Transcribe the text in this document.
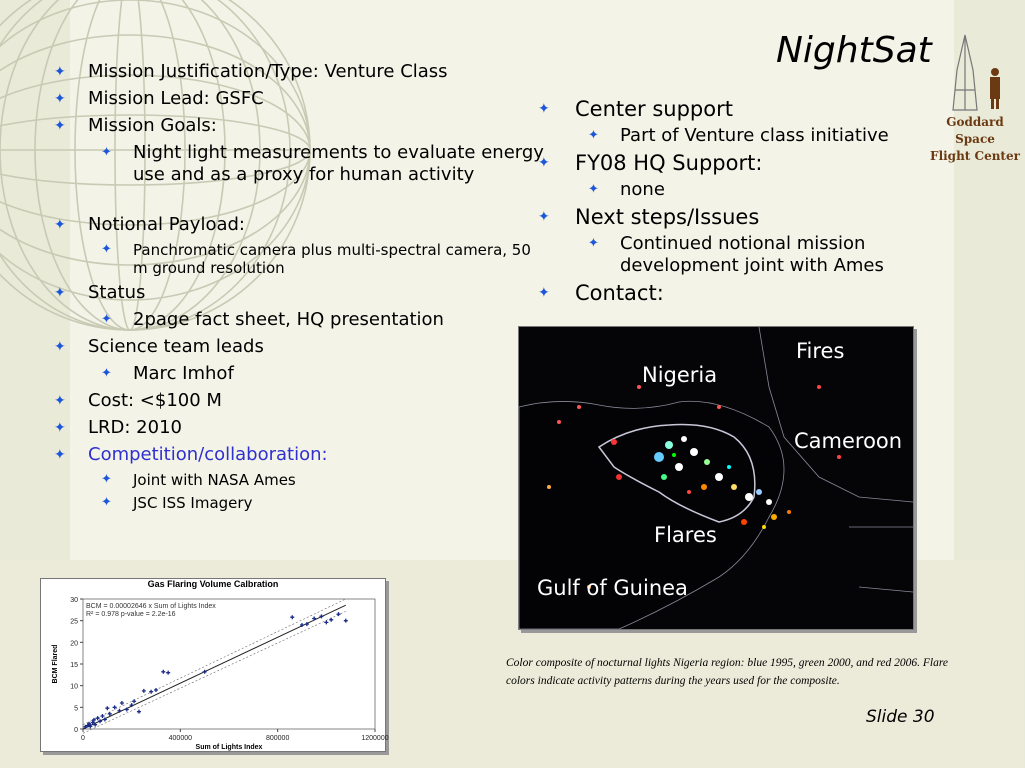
NightSat
Goddard
Space
Flight Center
✦	Mission Justification/Type: Venture Class
✦	Mission Lead: GSFC
✦	Mission Goals:
✦	Night light measurements to evaluate energy use and as a proxy for human activity
✦	Notional Payload:
✦	Panchromatic camera plus multi-spectral camera, 50 m ground resolution
✦	Status
✦	2page fact sheet, HQ presentation
✦	Science team leads
✦	Marc Imhof
✦	Cost: <$100 M
✦	LRD: 2010
✦	Competition/collaboration:
✦	Joint with NASA Ames
✦	JSC ISS Imagery
✦ Center support
✦	Part of Venture class initiative
✦ FY08 HQ Support:
✦	none
✦ Next steps/Issues
✦	Continued notional mission development joint with Ames
✦ Contact:
Fires
Nigeria
Cameroon
Flares
Gulf of Guinea
Color composite of nocturnal lights Nigeria region: blue 1995, green 2000, and red 2006. Flare colors indicate activity patterns during the years used for the composite.
Slide 30
Gas Flaring Volume Calbration
0
5
10
15
20
25
30
0	400000	800000	1200000
Sum of Lights Index
BCM Flared
BCM = 0.00002646 x Sum of Lights Index
R² = 0.978 p-value = 2.2e-16
